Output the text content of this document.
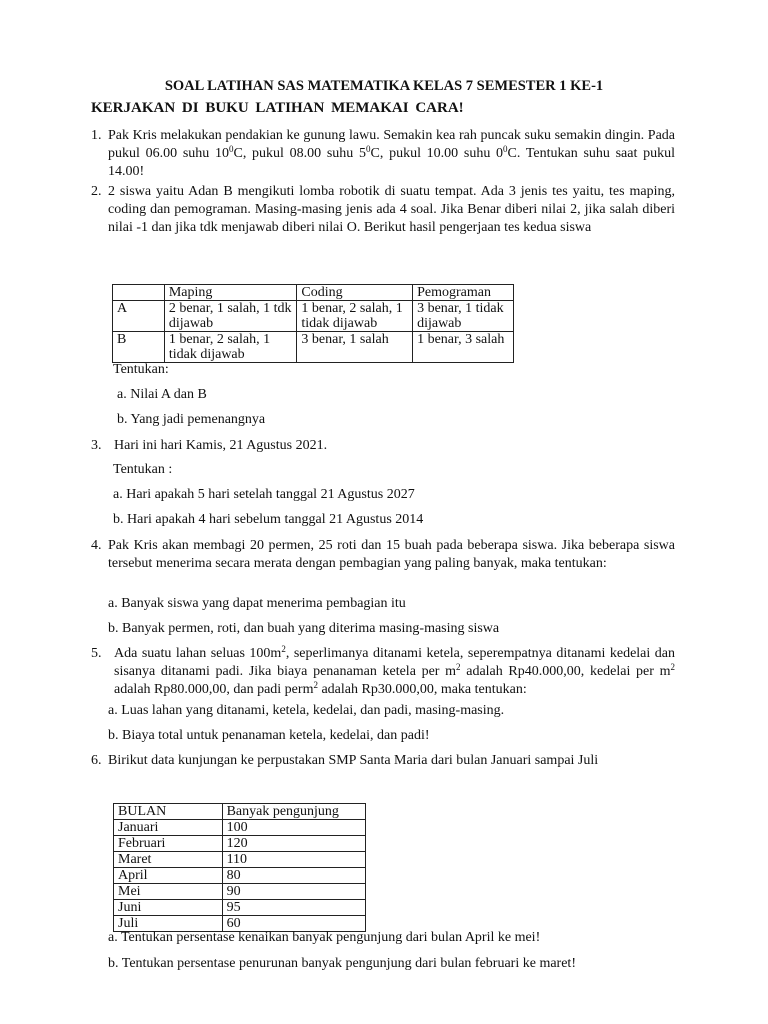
SOAL LATIHAN SAS MATEMATIKA KELAS 7 SEMESTER 1 KE-1
KERJAKAN DI BUKU LATIHAN MEMAKAI CARA!
1. Pak Kris melakukan pendakian ke gunung lawu. Semakin kea rah puncak suku semakin dingin. Pada pukul 06.00 suhu $10^0C$, pukul 08.00 suhu $5^0C$, pukul 10.00 suhu $0^0C$. Tentukan suhu saat pukul 14.00!
2. 2 siswa yaitu Adan B mengikuti lomba robotik di suatu tempat. Ada 3 jenis tes yaitu, tes maping, coding dan pemograman. Masing-masing jenis ada 4 soal. Jika Benar diberi nilai 2, jika salah diberi nilai -1 dan jika tdk menjawab diberi nilai O. Berikut hasil pengerjaan tes kedua siswa
	Maping	Coding	Pemograman
A	2 benar, 1 salah, 1 tdk dijawab	1 benar, 2 salah, 1 tidak dijawab	3 benar, 1 tidak dijawab
B	1 benar, 2 salah, 1 tidak dijawab	3 benar, 1 salah	1 benar, 3 salah
Tentukan:
a. Nilai A dan B
b. Yang jadi pemenangnya
3. Hari ini hari Kamis, 21 Agustus 2021.
Tentukan :
a. Hari apakah 5 hari setelah tanggal 21 Agustus 2027
b. Hari apakah 4 hari sebelum tanggal 21 Agustus 2014
4. Pak Kris akan membagi 20 permen, 25 roti dan 15 buah pada beberapa siswa. Jika beberapa siswa tersebut menerima secara merata dengan pembagian yang paling banyak, maka tentukan:
a. Banyak siswa yang dapat menerima pembagian itu
b. Banyak permen, roti, dan buah yang diterima masing-masing siswa
5. Ada suatu lahan seluas $100m^2$, seperlimanya ditanami ketela, seperempatnya ditanami kedelai dan sisanya ditanami padi. Jika biaya penanaman ketela per $m^2$ adalah Rp40.000,00, kedelai per $m^2$ adalah Rp80.000,00, dan padi perm$^2$ adalah Rp30.000,00, maka tentukan:
a. Luas lahan yang ditanami, ketela, kedelai, dan padi, masing-masing.
b. Biaya total untuk penanaman ketela, kedelai, dan padi!
6. Birikut data kunjungan ke perpustakan SMP Santa Maria dari bulan Januari sampai Juli
BULAN	Banyak pengunjung
Januari	100
Februari	120
Maret	110
April	80
Mei	90
Juni	95
Juli	60
a. Tentukan persentase kenaikan banyak pengunjung dari bulan April ke mei!
b. Tentukan persentase penurunan banyak pengunjung dari bulan februari ke maret!
